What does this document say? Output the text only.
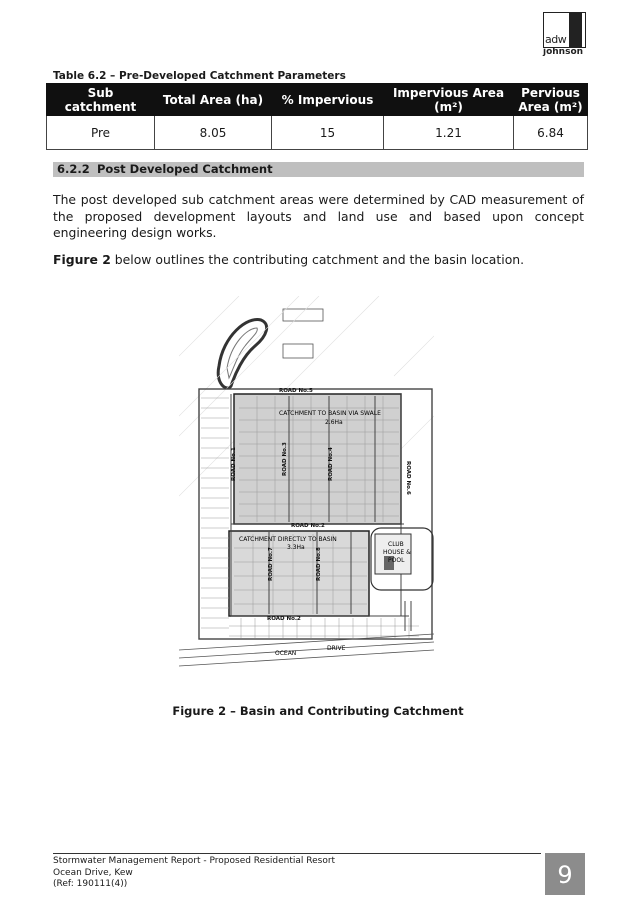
adw
johnson
Table 6.2 – Pre-Developed Catchment Parameters
Sub catchment	Total Area (ha)	% Impervious	Impervious Area (m²)	Pervious Area (m²)
Pre	8.05	15	1.21	6.84
6.2.2 Post Developed Catchment
The post developed sub catchment areas were determined by CAD measurement of the proposed development layouts and land use and based upon concept engineering design works.
Figure 2 below outlines the contributing catchment and the basin location.
ROAD No.5
ROAD No.2
ROAD No.2
ROAD No.6
ROAD No.3	ROAD No.4
ROAD No.1
ROAD No.7	ROAD No.8
CATCHMENT TO BASIN VIA SWALE
2.6Ha
CATCHMENT DIRECTLY TO BASIN
3.3Ha	CLUB
HOUSE &
POOL
OCEAN
DRIVE
Figure 2 – Basin and Contributing Catchment
Stormwater Management Report - Proposed Residential Resort
Ocean Drive, Kew
(Ref: 190111(4))	9
